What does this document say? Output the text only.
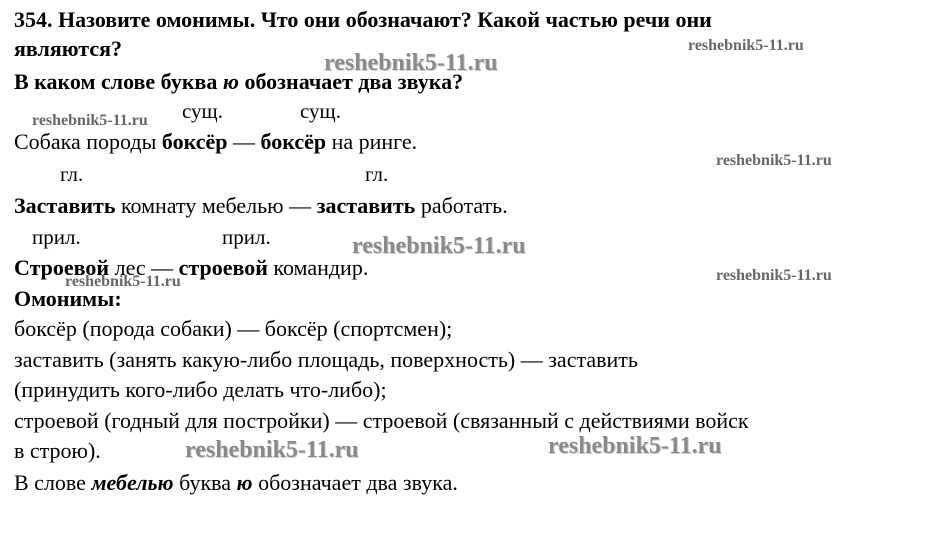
354. Назовите омонимы. Что они обозначают? Какой частью речи они
являются?
В каком слове буква ю обозначает два звука?
сущ.	сущ.
Собака породы боксёр — боксёр на ринге.
гл.	гл.
Заставить комнату мебелью — заставить работать.
прил.	прил.
Строевой лес — строевой командир.
Омонимы:
боксёр (порода собаки) — боксёр (спортсмен);
заставить (занять какую-либо площадь, поверхность) — заставить
(принудить кого-либо делать что-либо);
строевой (годный для постройки) — строевой (связанный с действиями войск
в строю).
В слове мебелью буква ю обозначает два звука.
reshebnik5-11.ru
reshebnik5-11.ru
reshebnik5-11.ru
reshebnik5-11.ru
reshebnik5-11.ru
reshebnik5-11.ru
reshebnik5-11.ru
reshebnik5-11.ru	reshebnik5-11.ru
